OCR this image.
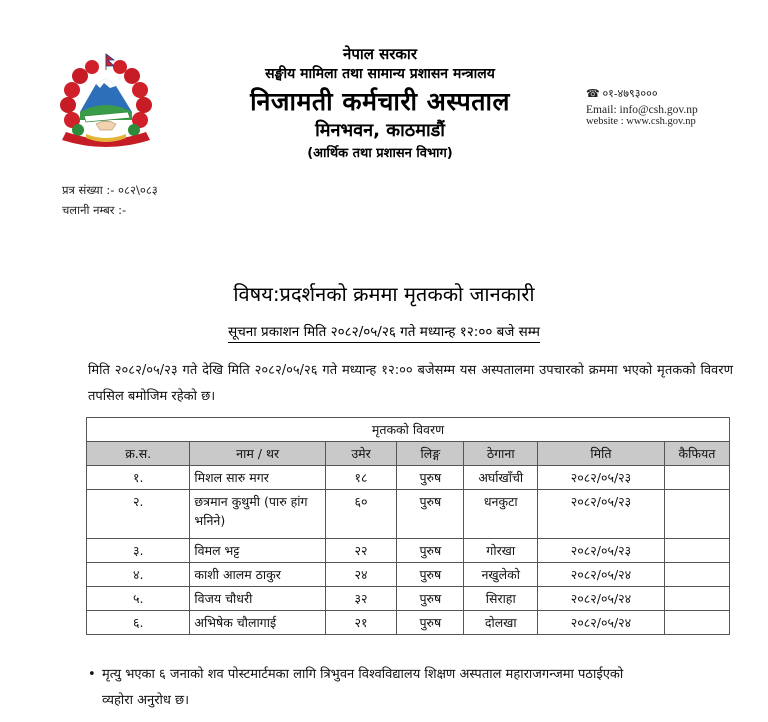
नेपाल सरकार
सङ्घीय मामिला तथा सामान्य प्रशासन मन्त्रालय
निजामती कर्मचारी अस्पताल
मिनभवन, काठमाडौं
(आर्थिक तथा प्रशासन विभाग)
☎ ०१-४७९३०००
Email: info@csh.gov.np
website : www.csh.gov.np
प्रत्र संख्या :- ०८२\०८३
चलानी नम्बर :-
विषय:प्रदर्शनको क्रममा मृतकको जानकारी
सूचना प्रकाशन मिति २०८२/०५/२६ गते मध्यान्ह १२:०० बजे सम्म
मिति २०८२/०५/२३ गते देखि मिति २०८२/०५/२६ गते मध्यान्ह १२:०० बजेसम्म यस अस्पतालमा उपचारको क्रममा भएको मृतकको विवरण तपसिल बमोजिम रहेको छ।
मृतकको विवरण						
क्र.स.	नाम / थर	उमेर	लिङ्ग	ठेगाना	मिति	कैफियत
१.	मिशल सारु मगर	१८	पुरुष	अर्घाखाँची	२०८२/०५/२३	
२.	छत्रमान कुथुमी (पारु हांग भनिने)	६०	पुरुष	धनकुटा	२०८२/०५/२३	
३.	विमल भट्ट	२२	पुरुष	गोरखा	२०८२/०५/२३	
४.	काशी आलम ठाकुर	२४	पुरुष	नखुलेको	२०८२/०५/२४	
५.	विजय चौधरी	३२	पुरुष	सिराहा	२०८२/०५/२४	
६.	अभिषेक चौलागाई	२१	पुरुष	दोलखा	२०८२/०५/२४	
• मृत्यु भएका ६ जनाको शव पोस्टमार्टमका लागि त्रिभुवन विश्वविद्यालय शिक्षण अस्पताल महाराजगन्जमा पठाईएको
व्यहोरा अनुरोध छ।
